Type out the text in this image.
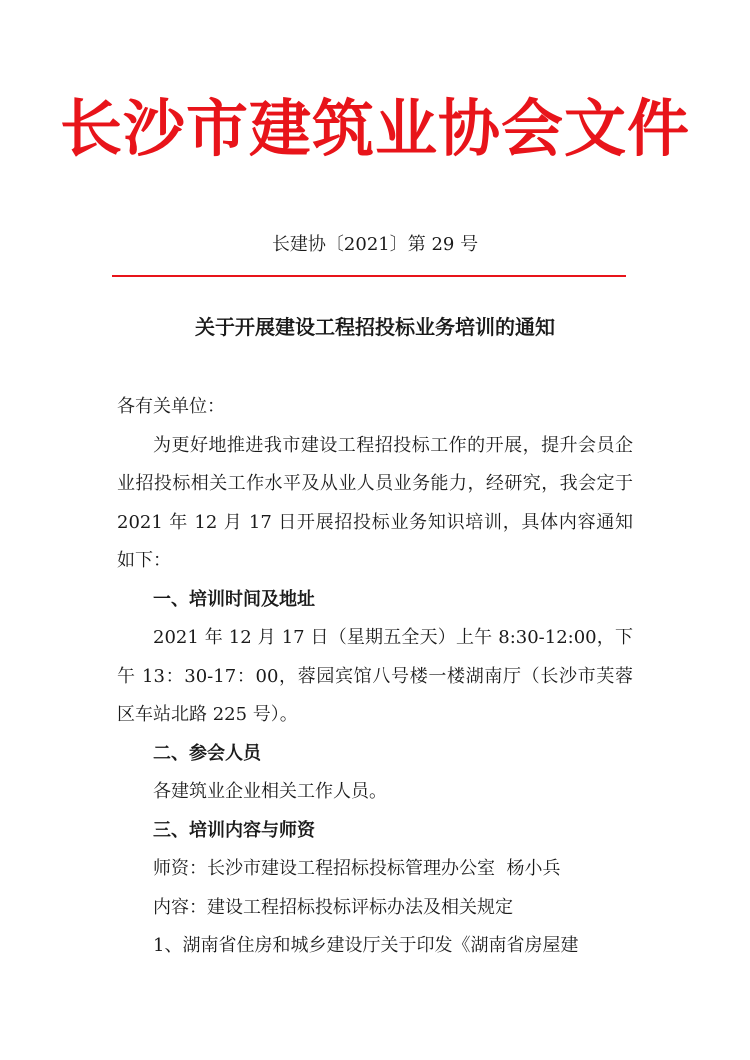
长沙市建筑业协会文件
长建协〔2021〕第 29 号
关于开展建设工程招投标业务培训的通知

各有关单位：

为更好地推进我市建设工程招投标工作的开展，提升会员企业招投标相关工作水平及从业人员业务能力，经研究，我会定于 2021 年 12 月 17 日开展招投标业务知识培训，具体内容通知如下：

一、培训时间及地址

2021 年 12 月 17 日（星期五全天）上午 8:30-12:00，下午 13：30-17：00，蓉园宾馆八号楼一楼湖南厅（长沙市芙蓉区车站北路 225 号）。

二、参会人员

各建筑业企业相关工作人员。

三、培训内容与师资

师资：长沙市建设工程招标投标管理办公室  杨小兵

内容：建设工程招标投标评标办法及相关规定

1、湖南省住房和城乡建设厅关于印发《湖南省房屋建
